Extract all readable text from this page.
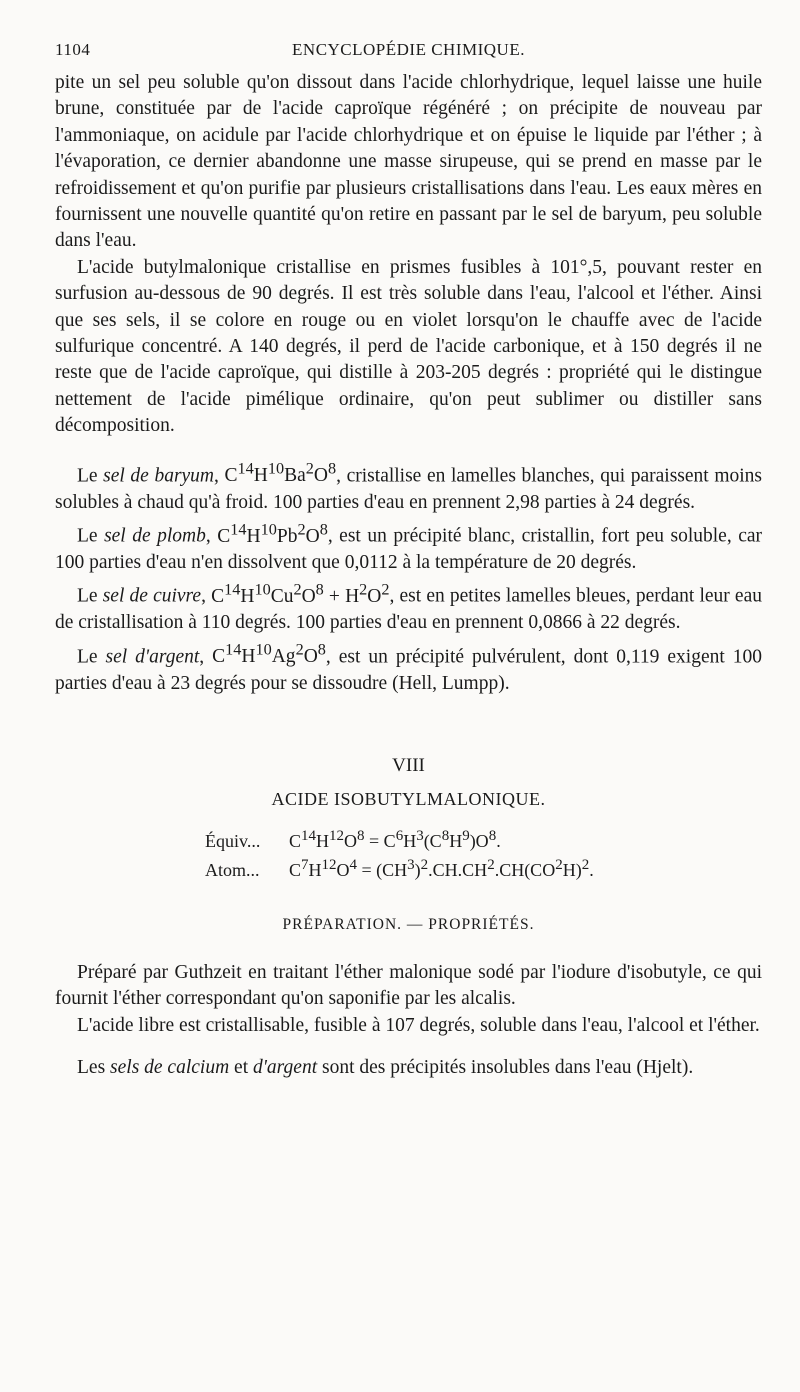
1104	ENCYCLOPÉDIE CHIMIQUE.

pite un sel peu soluble qu'on dissout dans l'acide chlorhydrique, lequel laisse une huile brune, constituée par de l'acide caproïque régénéré ; on précipite de nouveau par l'ammoniaque, on acidule par l'acide chlorhydrique et on épuise le liquide par l'éther ; à l'évaporation, ce dernier abandonne une masse sirupeuse, qui se prend en masse par le refroidissement et qu'on purifie par plusieurs cristallisations dans l'eau. Les eaux mères en fournissent une nouvelle quantité qu'on retire en passant par le sel de baryum, peu soluble dans l'eau.

L'acide butylmalonique cristallise en prismes fusibles à 101°,5, pouvant rester en surfusion au-dessous de 90 degrés. Il est très soluble dans l'eau, l'alcool et l'éther. Ainsi que ses sels, il se colore en rouge ou en violet lorsqu'on le chauffe avec de l'acide sulfurique concentré. A 140 degrés, il perd de l'acide carbonique, et à 150 degrés il ne reste que de l'acide caproïque, qui distille à 203-205 degrés : propriété qui le distingue nettement de l'acide pimélique ordinaire, qu'on peut sublimer ou distiller sans décomposition.

Le sel de baryum, $C^{14}H^{10}Ba^2O^8$, cristallise en lamelles blanches, qui paraissent moins solubles à chaud qu'à froid. 100 parties d'eau en prennent 2,98 parties à 24 degrés.

Le sel de plomb, $C^{14}H^{10}Pb^2O^8$, est un précipité blanc, cristallin, fort peu soluble, car 100 parties d'eau n'en dissolvent que 0,0112 à la température de 20 degrés.

Le sel de cuivre, $C^{14}H^{10}Cu^2O^8 + H^2O^2$, est en petites lamelles bleues, perdant leur eau de cristallisation à 110 degrés. 100 parties d'eau en prennent 0,0866 à 22 degrés.

Le sel d'argent, $C^{14}H^{10}Ag^2O^8$, est un précipité pulvérulent, dont 0,119 exigent 100 parties d'eau à 23 degrés pour se dissoudre (Hell, Lumpp).

VIII
ACIDE ISOBUTYLMALONIQUE.
Équiv... $C^{14}H^{12}O^8 = C^6H^3(C^8H^9)O^8$.
Atom... $C^7H^{12}O^4 = (CH^3)^2.CH.CH^2.CH(CO^2H)^2$.
PRÉPARATION. — PROPRIÉTÉS.

Préparé par Guthzeit en traitant l'éther malonique sodé par l'iodure d'isobutyle, ce qui fournit l'éther correspondant qu'on saponifie par les alcalis.

L'acide libre est cristallisable, fusible à 107 degrés, soluble dans l'eau, l'alcool et l'éther.

Les sels de calcium et d'argent sont des précipités insolubles dans l'eau (Hjelt).
